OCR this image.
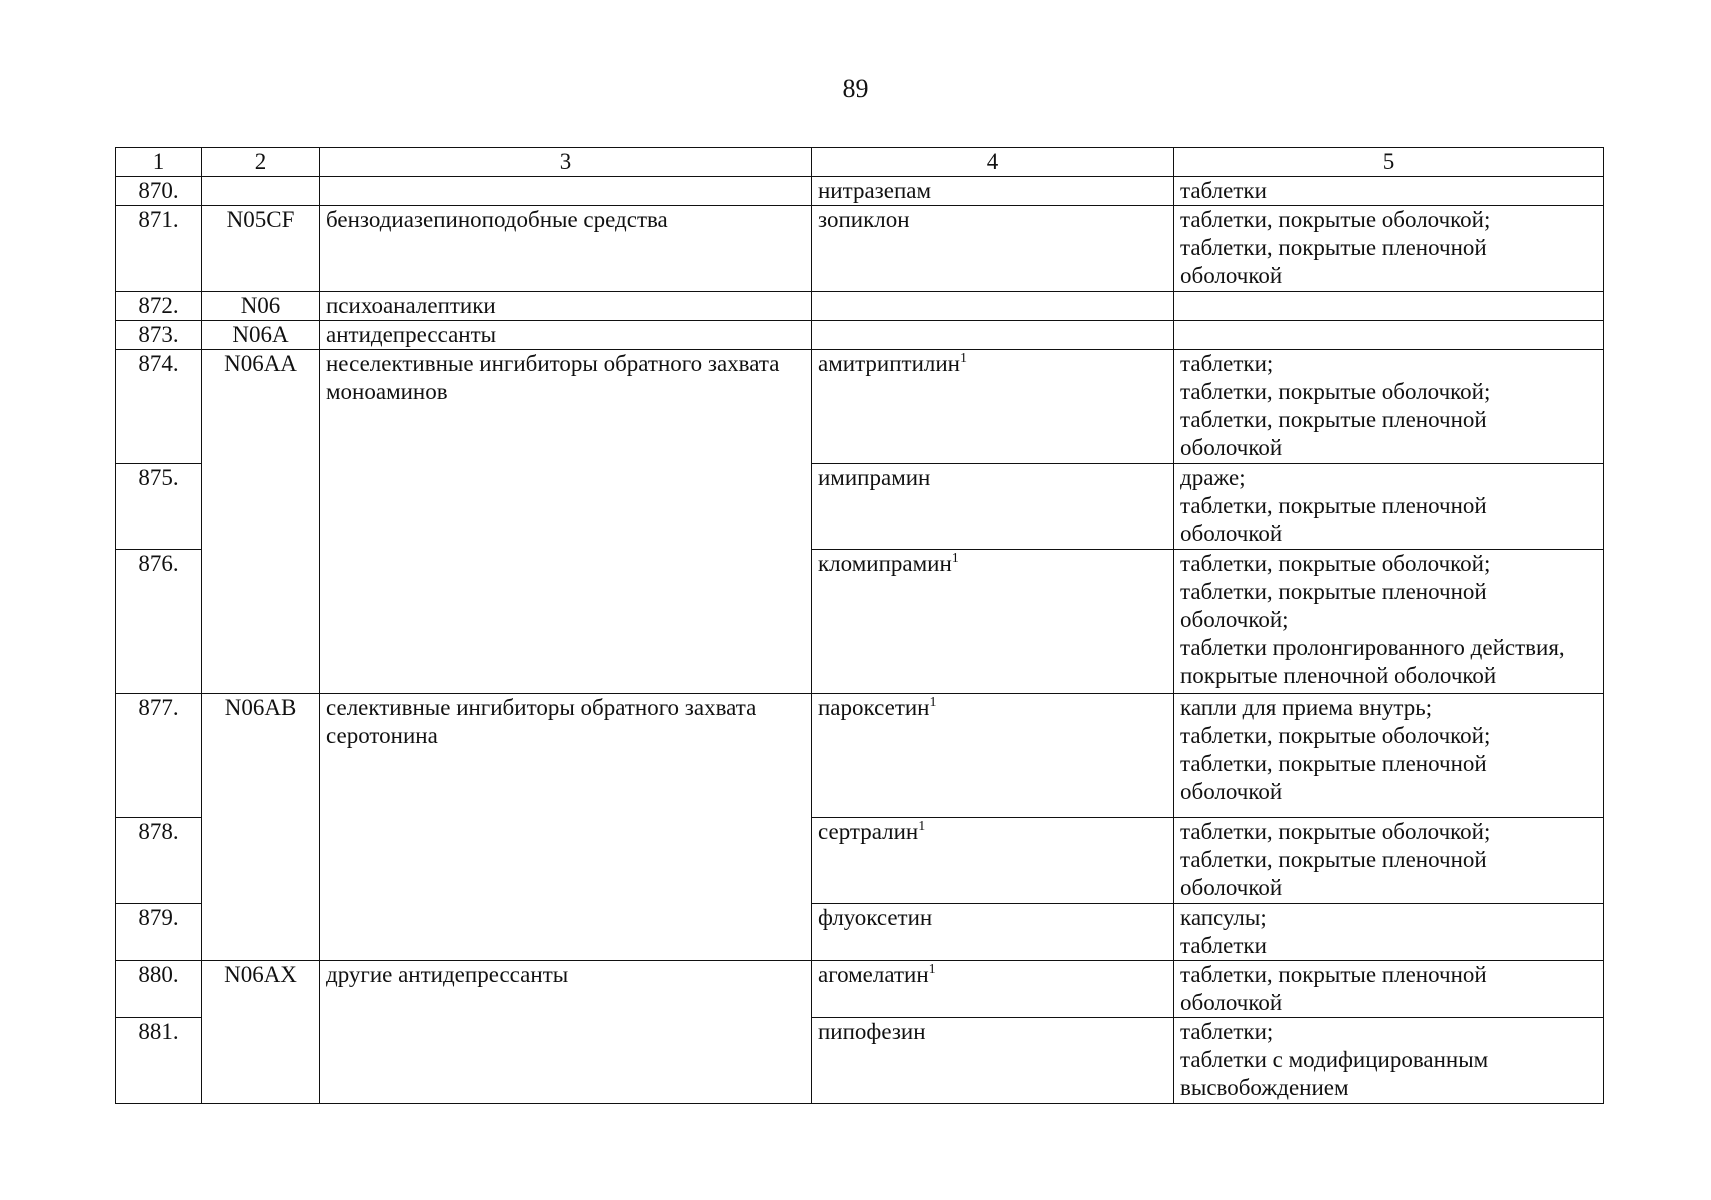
89
1	2	3	4	5
870.			нитразепам	таблетки

871.	N05CF	бензодиазепиноподобные средства	зопиклон	таблетки, покрытые оболочкой;
таблетки, покрытые пленочной
оболочкой

872.	N06	психоаналептики		
873.	N06A	антидепрессанты		
874.	N06AA	неселективные ингибиторы обратного захвата моноаминов	амитриптилин$^1$	таблетки;
таблетки, покрытые оболочкой;
таблетки, покрытые пленочной
оболочкой

875.			имипрамин	драже;
таблетки, покрытые пленочной
оболочкой

876.			кломипрамин$^1$	таблетки, покрытые оболочкой;
таблетки, покрытые пленочной
оболочкой;
таблетки пролонгированного действия,
покрытые пленочной оболочкой

877.	N06AB	селективные ингибиторы обратного захвата серотонина	пароксетин$^1$	капли для приема внутрь;
таблетки, покрытые оболочкой;
таблетки, покрытые пленочной
оболочкой

878.			сертралин$^1$	таблетки, покрытые оболочкой;
таблетки, покрытые пленочной
оболочкой

879.			флуоксетин	капсулы;
таблетки

880.	N06AX	другие антидепрессанты	агомелатин$^1$	таблетки, покрытые пленочной
оболочкой

881.			пипофезин	таблетки;
таблетки с модифицированным
высвобождением
